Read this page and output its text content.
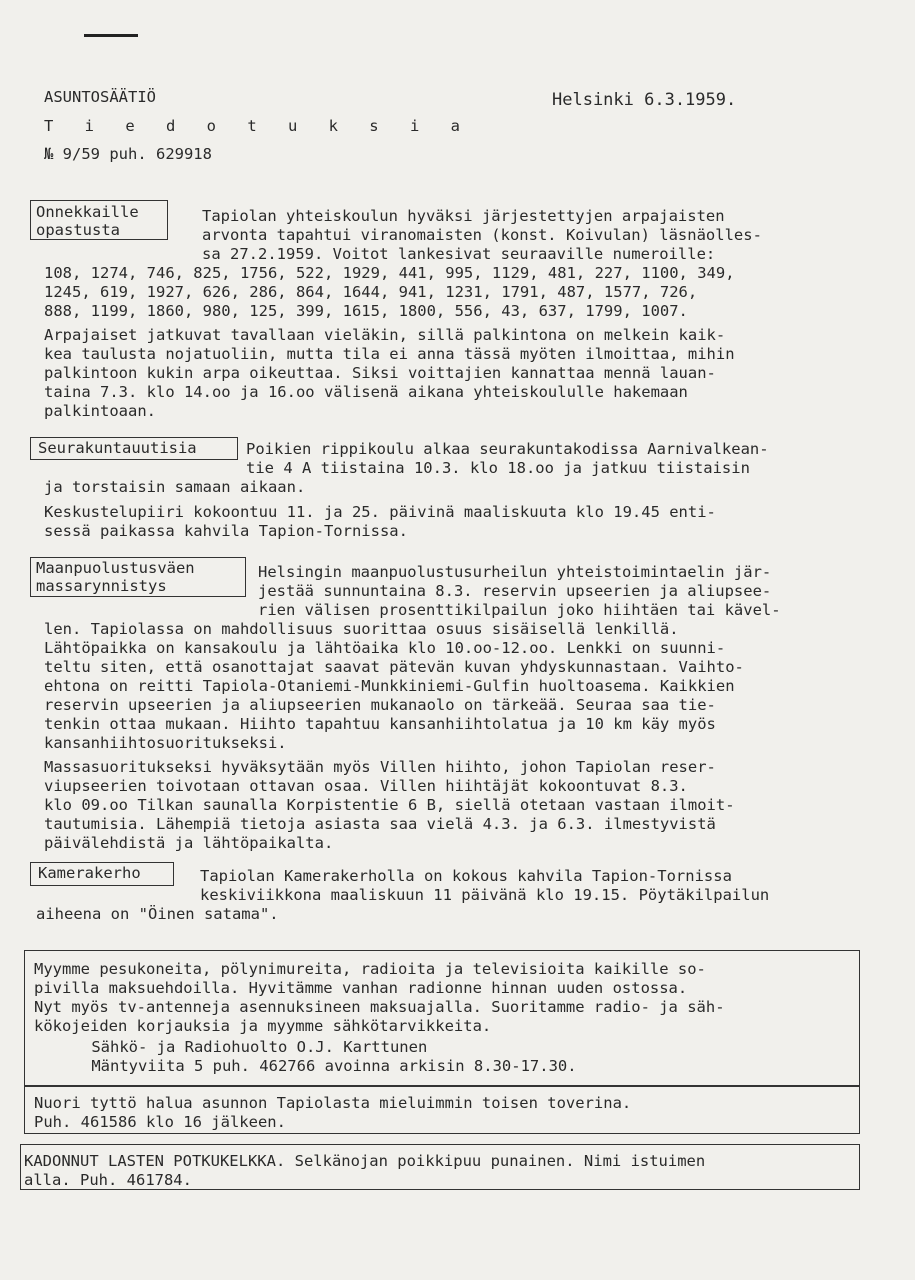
ASUNTOSÄÄTIÖ
T i e d o t u k s i a
№ 9/59 puh. 629918
Helsinki 6.3.1959.
Onnekkaille
opastusta
Tapiolan yhteiskoulun hyväksi järjestettyjen arpajaisten
arvonta tapahtui viranomaisten (konst. Koivulan) läsnäolles-
sa 27.2.1959. Voitot lankesivat seuraaville numeroille:
108, 1274, 746, 825, 1756, 522, 1929, 441, 995, 1129, 481, 227, 1100, 349,
1245, 619, 1927, 626, 286, 864, 1644, 941, 1231, 1791, 487, 1577, 726,
888, 1199, 1860, 980, 125, 399, 1615, 1800, 556, 43, 637, 1799, 1007.
Arpajaiset jatkuvat tavallaan vieläkin, sillä palkintona on melkein kaik-
kea taulusta nojatuoliin, mutta tila ei anna tässä myöten ilmoittaa, mihin
palkintoon kukin arpa oikeuttaa. Siksi voittajien kannattaa mennä lauan-
taina 7.3. klo 14.oo ja 16.oo välisenä aikana yhteiskoululle hakemaan
palkintoaan.
Seurakuntauutisia	Poikien rippikoulu alkaa seurakuntakodissa Aarnivalkean-
tie 4 A tiistaina 10.3. klo 18.oo ja jatkuu tiistaisin
ja torstaisin samaan aikaan.
Keskustelupiiri kokoontuu 11. ja 25. päivinä maaliskuuta klo 19.45 enti-
sessä paikassa kahvila Tapion-Tornissa.
Maanpuolustusväen
massarynnistys
Helsingin maanpuolustusurheilun yhteistoimintaelin jär-
jestää sunnuntaina 8.3. reservin upseerien ja aliupsee-
rien välisen prosenttikilpailun joko hiihtäen tai kävel-
len. Tapiolassa on mahdollisuus suorittaa osuus sisäisellä lenkillä.
Lähtöpaikka on kansakoulu ja lähtöaika klo 10.oo-12.oo. Lenkki on suunni-
teltu siten, että osanottajat saavat pätevän kuvan yhdyskunnastaan. Vaihto-
ehtona on reitti Tapiola-Otaniemi-Munkkiniemi-Gulfin huoltoasema. Kaikkien
reservin upseerien ja aliupseerien mukanaolo on tärkeää. Seuraa saa tie-
tenkin ottaa mukaan. Hiihto tapahtuu kansanhiihtolatua ja 10 km käy myös
kansanhiihtosuoritukseksi.
Massasuoritukseksi hyväksytään myös Villen hiihto, johon Tapiolan reser-
viupseerien toivotaan ottavan osaa. Villen hiihtäjät kokoontuvat 8.3.
klo 09.oo Tilkan saunalla Korpistentie 6 B, siellä otetaan vastaan ilmoit-
tautumisia. Lähempiä tietoja asiasta saa vielä 4.3. ja 6.3. ilmestyvistä
päivälehdistä ja lähtöpaikalta.
Kamerakerho	Tapiolan Kamerakerholla on kokous kahvila Tapion-Tornissa
keskiviikkona maaliskuun 11 päivänä klo 19.15. Pöytäkilpailun
aiheena on "Öinen satama".
Myymme pesukoneita, pölynimureita, radioita ja televisioita kaikille so-
pivilla maksuehdoilla. Hyvitämme vanhan radionne hinnan uuden ostossa.
Nyt myös tv-antenneja asennuksineen maksuajalla. Suoritamme radio- ja säh-
kökojeiden korjauksia ja myymme sähkötarvikkeita.
Sähkö- ja Radiohuolto O.J. Karttunen
Mäntyviita 5 puh. 462766 avoinna arkisin 8.30-17.30.
Nuori tyttö halua asunnon Tapiolasta mieluimmin toisen toverina.
Puh. 461586 klo 16 jälkeen.
KADONNUT LASTEN POTKUKELKKA. Selkänojan poikkipuu punainen. Nimi istuimen
alla. Puh. 461784.
